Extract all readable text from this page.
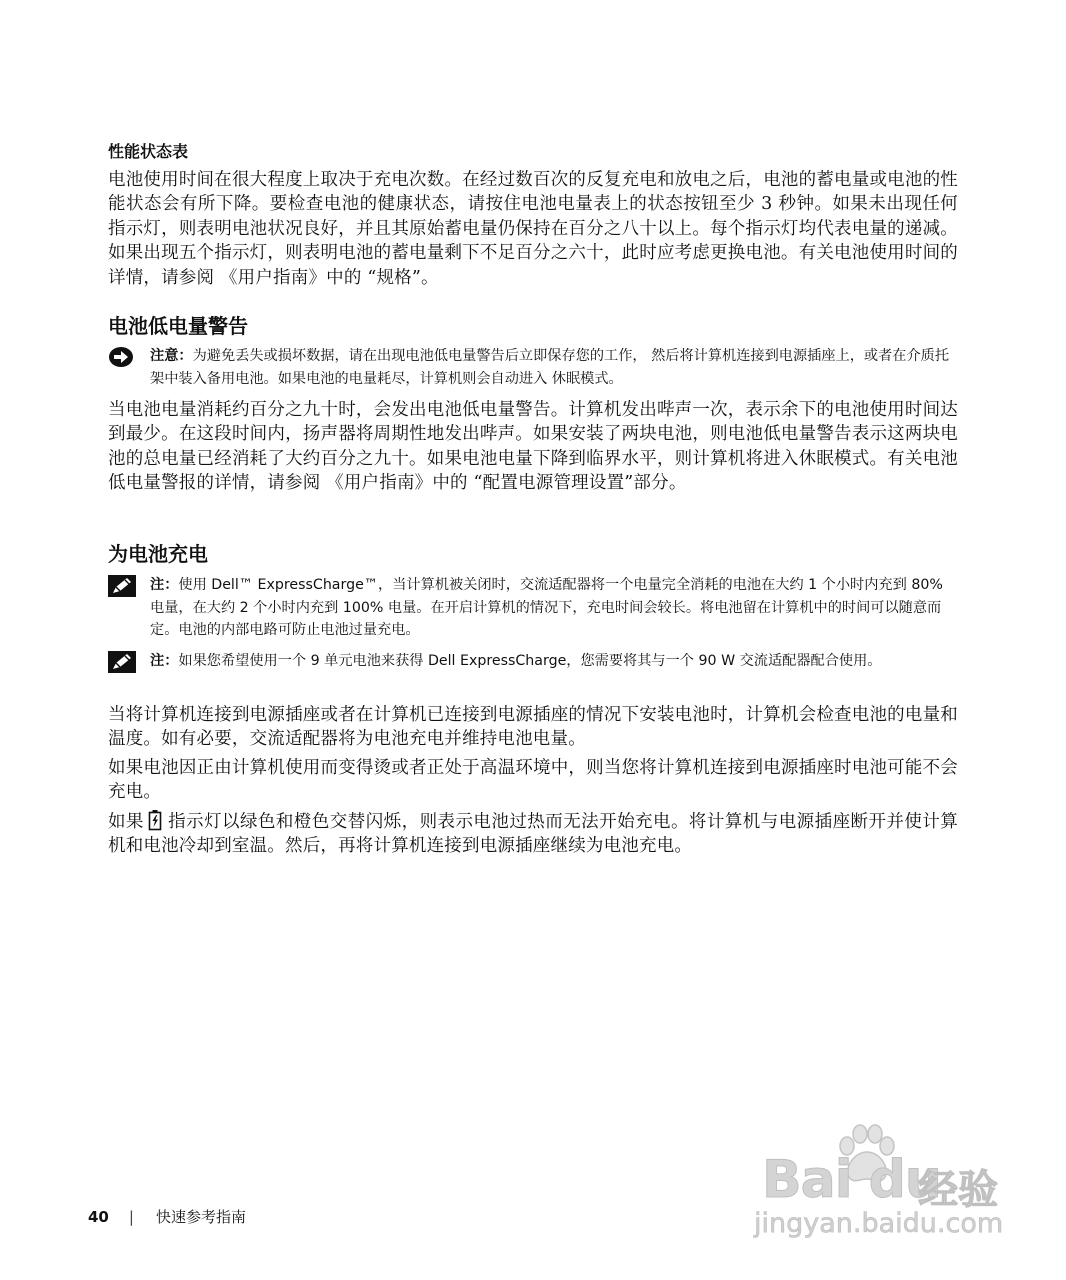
性能状态表
电池使用时间在很大程度上取决于充电次数。在经过数百次的反复充电和放电之后，电池的蓄电量或电池的性能状态会有所下降。要检查电池的健康状态，请按住电池电量表上的状态按钮至少 3 秒钟。如果未出现任何指示灯，则表明电池状况良好，并且其原始蓄电量仍保持在百分之八十以上。每个指示灯均代表电量的递减。如果出现五个指示灯，则表明电池的蓄电量剩下不足百分之六十，此时应考虑更换电池。有关电池使用时间的详情，请参阅 《用户指南》中的 “规格”。
电池低电量警告
注意：为避免丢失或损坏数据，请在出现电池低电量警告后立即保存您的工作， 然后将计算机连接到电源插座上，或者在介质托架中装入备用电池。如果电池的电量耗尽，计算机则会自动进入 休眠模式。
当电池电量消耗约百分之九十时，会发出电池低电量警告。计算机发出哔声一次，表示余下的电池使用时间达到最少。在这段时间内，扬声器将周期性地发出哔声。如果安装了两块电池，则电池低电量警告表示这两块电池的总电量已经消耗了大约百分之九十。如果电池电量下降到临界水平，则计算机将进入休眠模式。有关电池低电量警报的详情，请参阅 《用户指南》中的 “配置电源管理设置”部分。
为电池充电
注：使用 Dell™ ExpressCharge™，当计算机被关闭时，交流适配器将一个电量完全消耗的电池在大约 1 个小时内充到 80% 电量，在大约 2 个小时内充到 100% 电量。在开启计算机的情况下，充电时间会较长。将电池留在计算机中的时间可以随意而定。电池的内部电路可防止电池过量充电。
注：如果您希望使用一个 9 单元电池来获得 Dell ExpressCharge，您需要将其与一个 90 W 交流适配器配合使用。
当将计算机连接到电源插座或者在计算机已连接到电源插座的情况下安装电池时，计算机会检查电池的电量和温度。如有必要，交流适配器将为电池充电并维持电池电量。
如果电池因正由计算机使用而变得烫或者正处于高温环境中，则当您将计算机连接到电源插座时电池可能不会充电。
如果 指示灯以绿色和橙色交替闪烁，则表示电池过热而无法开始充电。将计算机与电源插座断开并使计算机和电池冷却到室温。然后，再将计算机连接到电源插座继续为电池充电。
40 | 快速参考指南
Bai du
经验
jingyan.baidu.com
